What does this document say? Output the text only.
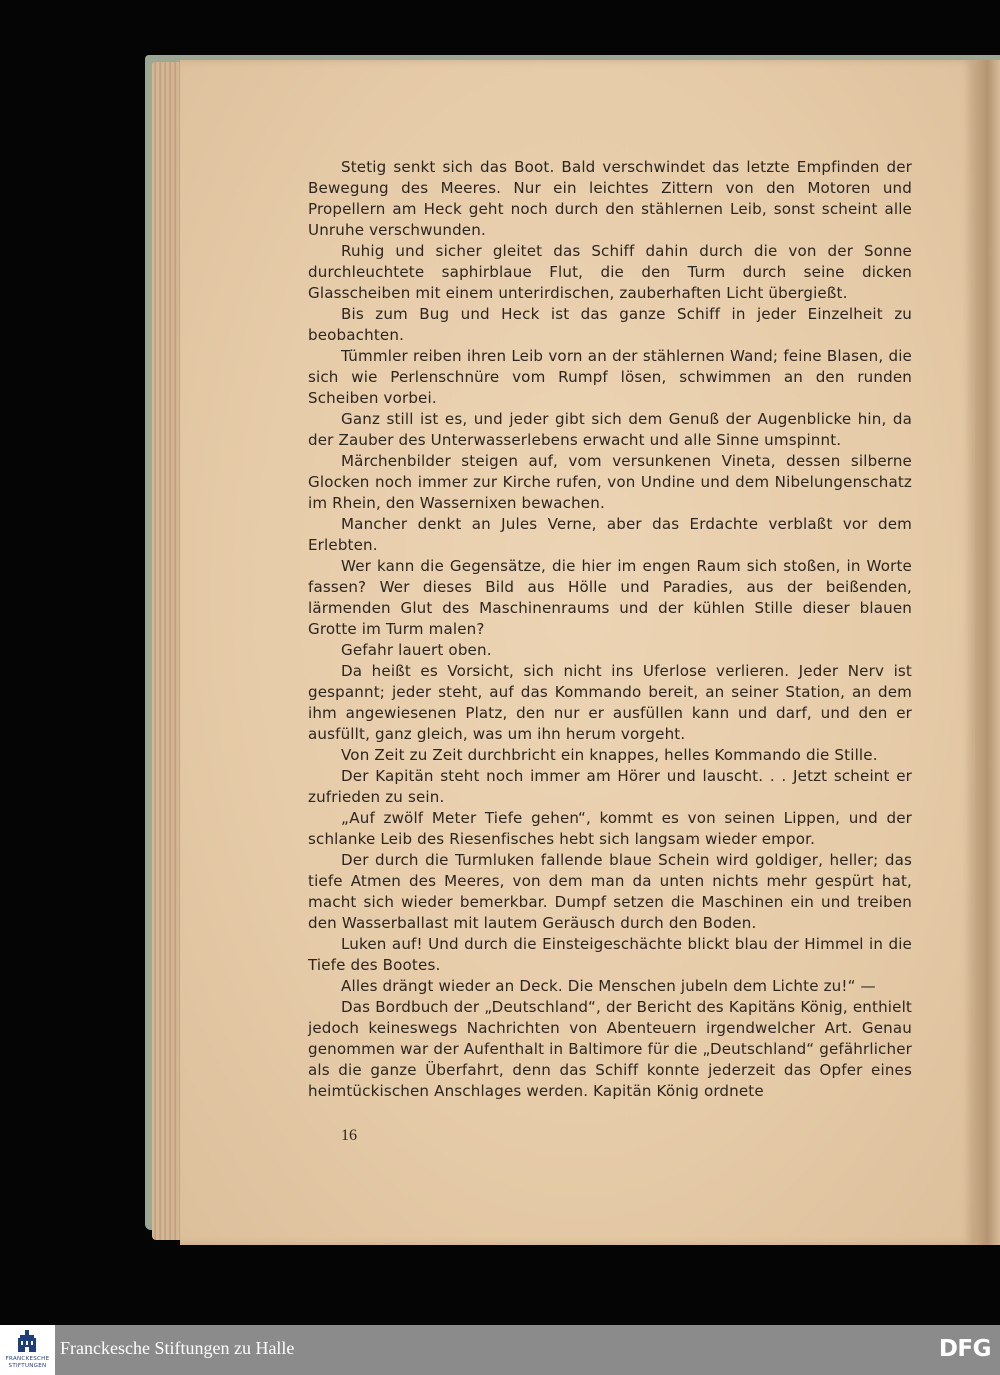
Stetig senkt sich das Boot. Bald verschwindet das letzte Empfinden der Bewegung des Meeres. Nur ein leichtes Zittern von den Motoren und Propellern am Heck geht noch durch den stählernen Leib, sonst scheint alle Unruhe verschwunden.

Ruhig und sicher gleitet das Schiff dahin durch die von der Sonne durchleuchtete saphirblaue Flut, die den Turm durch seine dicken Glasscheiben mit einem unterirdischen, zauberhaften Licht übergießt.

Bis zum Bug und Heck ist das ganze Schiff in jeder Einzelheit zu beobachten.

Tümmler reiben ihren Leib vorn an der stählernen Wand; feine Blasen, die sich wie Perlenschnüre vom Rumpf lösen, schwimmen an den runden Scheiben vorbei.

Ganz still ist es, und jeder gibt sich dem Genuß der Augenblicke hin, da der Zauber des Unterwasserlebens erwacht und alle Sinne umspinnt.

Märchenbilder steigen auf, vom versunkenen Vineta, dessen silberne Glocken noch immer zur Kirche rufen, von Undine und dem Nibelungenschatz im Rhein, den Wassernixen bewachen.

Mancher denkt an Jules Verne, aber das Erdachte verblaßt vor dem Erlebten.

Wer kann die Gegensätze, die hier im engen Raum sich stoßen, in Worte fassen? Wer dieses Bild aus Hölle und Paradies, aus der beißenden, lärmenden Glut des Maschinenraums und der kühlen Stille dieser blauen Grotte im Turm malen?

Gefahr lauert oben.

Da heißt es Vorsicht, sich nicht ins Uferlose verlieren. Jeder Nerv ist gespannt; jeder steht, auf das Kommando bereit, an seiner Station, an dem ihm angewiesenen Platz, den nur er ausfüllen kann und darf, und den er ausfüllt, ganz gleich, was um ihn herum vorgeht.

Von Zeit zu Zeit durchbricht ein knappes, helles Kommando die Stille.

Der Kapitän steht noch immer am Hörer und lauscht. . . Jetzt scheint er zufrieden zu sein.

„Auf zwölf Meter Tiefe gehen“, kommt es von seinen Lippen, und der schlanke Leib des Riesenfisches hebt sich langsam wieder empor.

Der durch die Turmluken fallende blaue Schein wird goldiger, heller; das tiefe Atmen des Meeres, von dem man da unten nichts mehr gespürt hat, macht sich wieder bemerkbar. Dumpf setzen die Maschinen ein und treiben den Wasserballast mit lautem Geräusch durch den Boden.

Luken auf! Und durch die Einsteigeschächte blickt blau der Himmel in die Tiefe des Bootes.

Alles drängt wieder an Deck. Die Menschen jubeln dem Lichte zu!“ —

Das Bordbuch der „Deutschland“, der Bericht des Kapitäns König, enthielt jedoch keineswegs Nachrichten von Abenteuern irgendwelcher Art. Genau genommen war der Aufenthalt in Baltimore für die „Deutschland“ gefährlicher als die ganze Überfahrt, denn das Schiff konnte jederzeit das Opfer eines heimtückischen Anschlages werden. Kapitän König ordnete

16
FRANCKESCHE
STIFTUNGEN
Franckesche Stiftungen zu Halle	DFG
